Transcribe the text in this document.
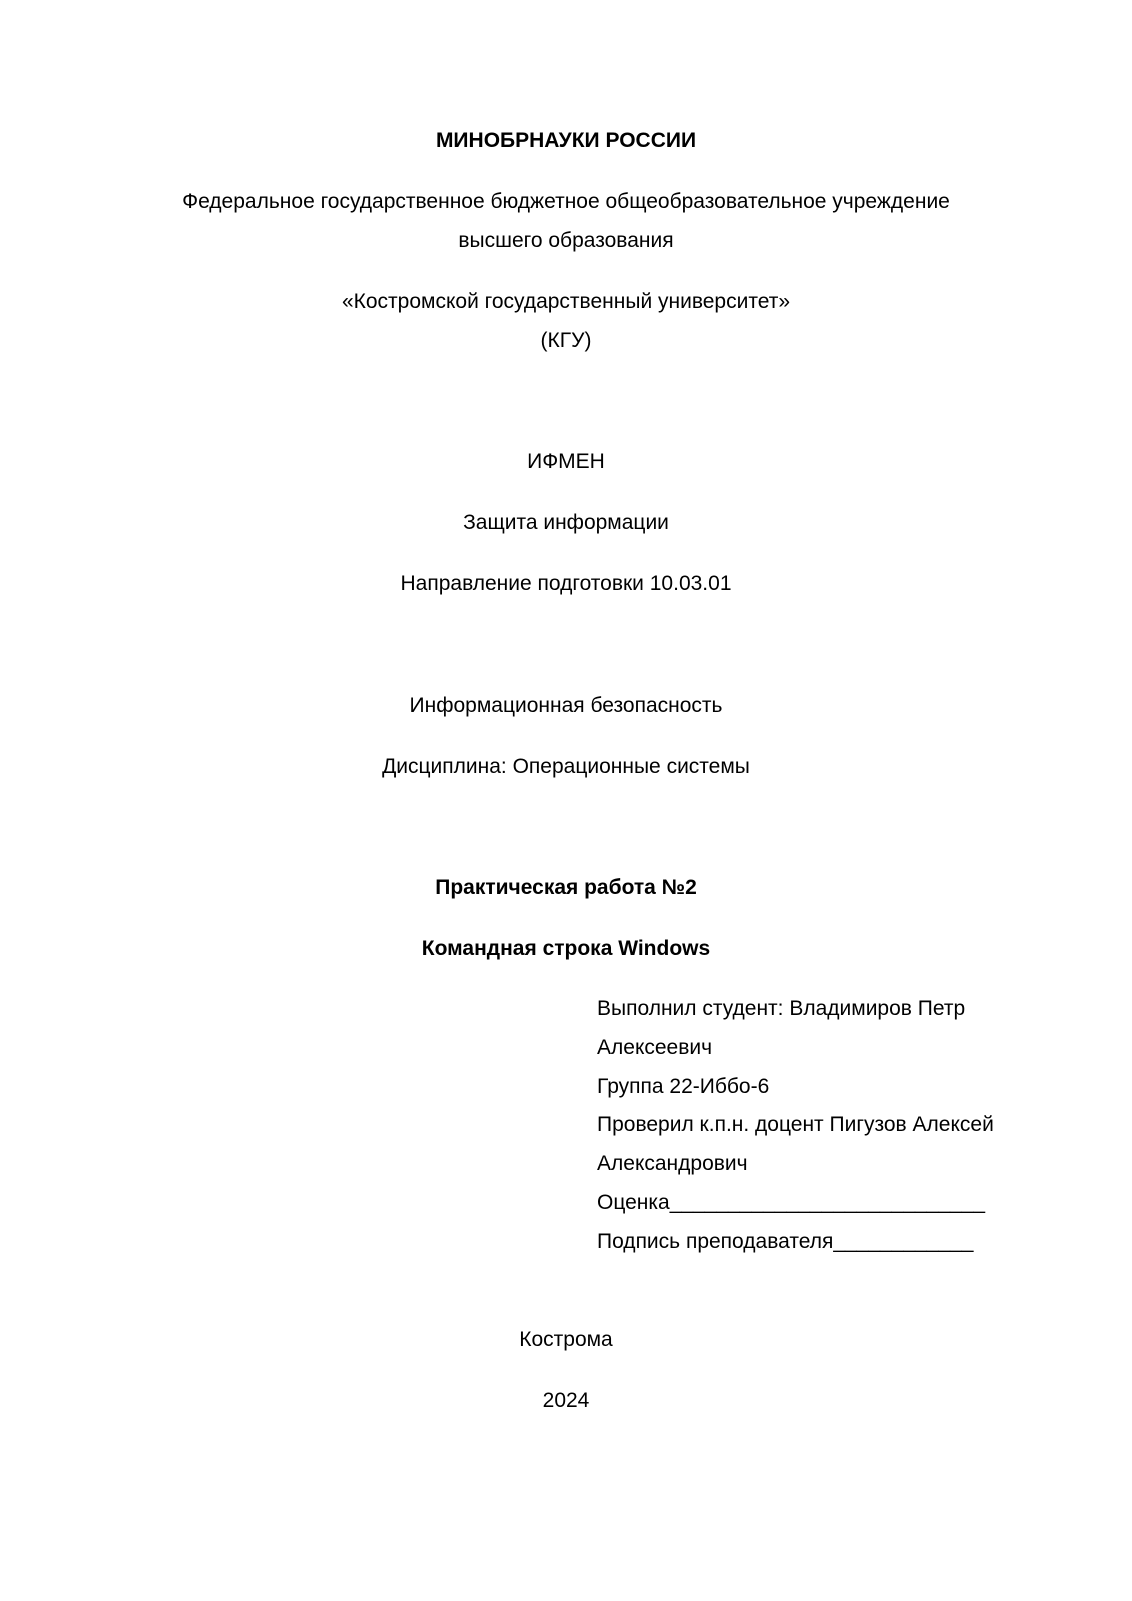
МИНОБРНАУКИ РОССИИ
Федеральное государственное бюджетное общеобразовательное учреждение
высшего образования
«Костромской государственный университет»
(КГУ)
ИФМЕН
Защита информации
Направление подготовки 10.03.01
Информационная безопасность
Дисциплина: Операционные системы
Практическая работа №2
Командная строка Windows
Выполнил студент: Владимиров Петр
Алексеевич
Группа 22-Иббо-6
Проверил к.п.н. доцент Пигузов Алексей
Александрович
Оценка___________________________
Подпись преподавателя____________
Кострома
2024
